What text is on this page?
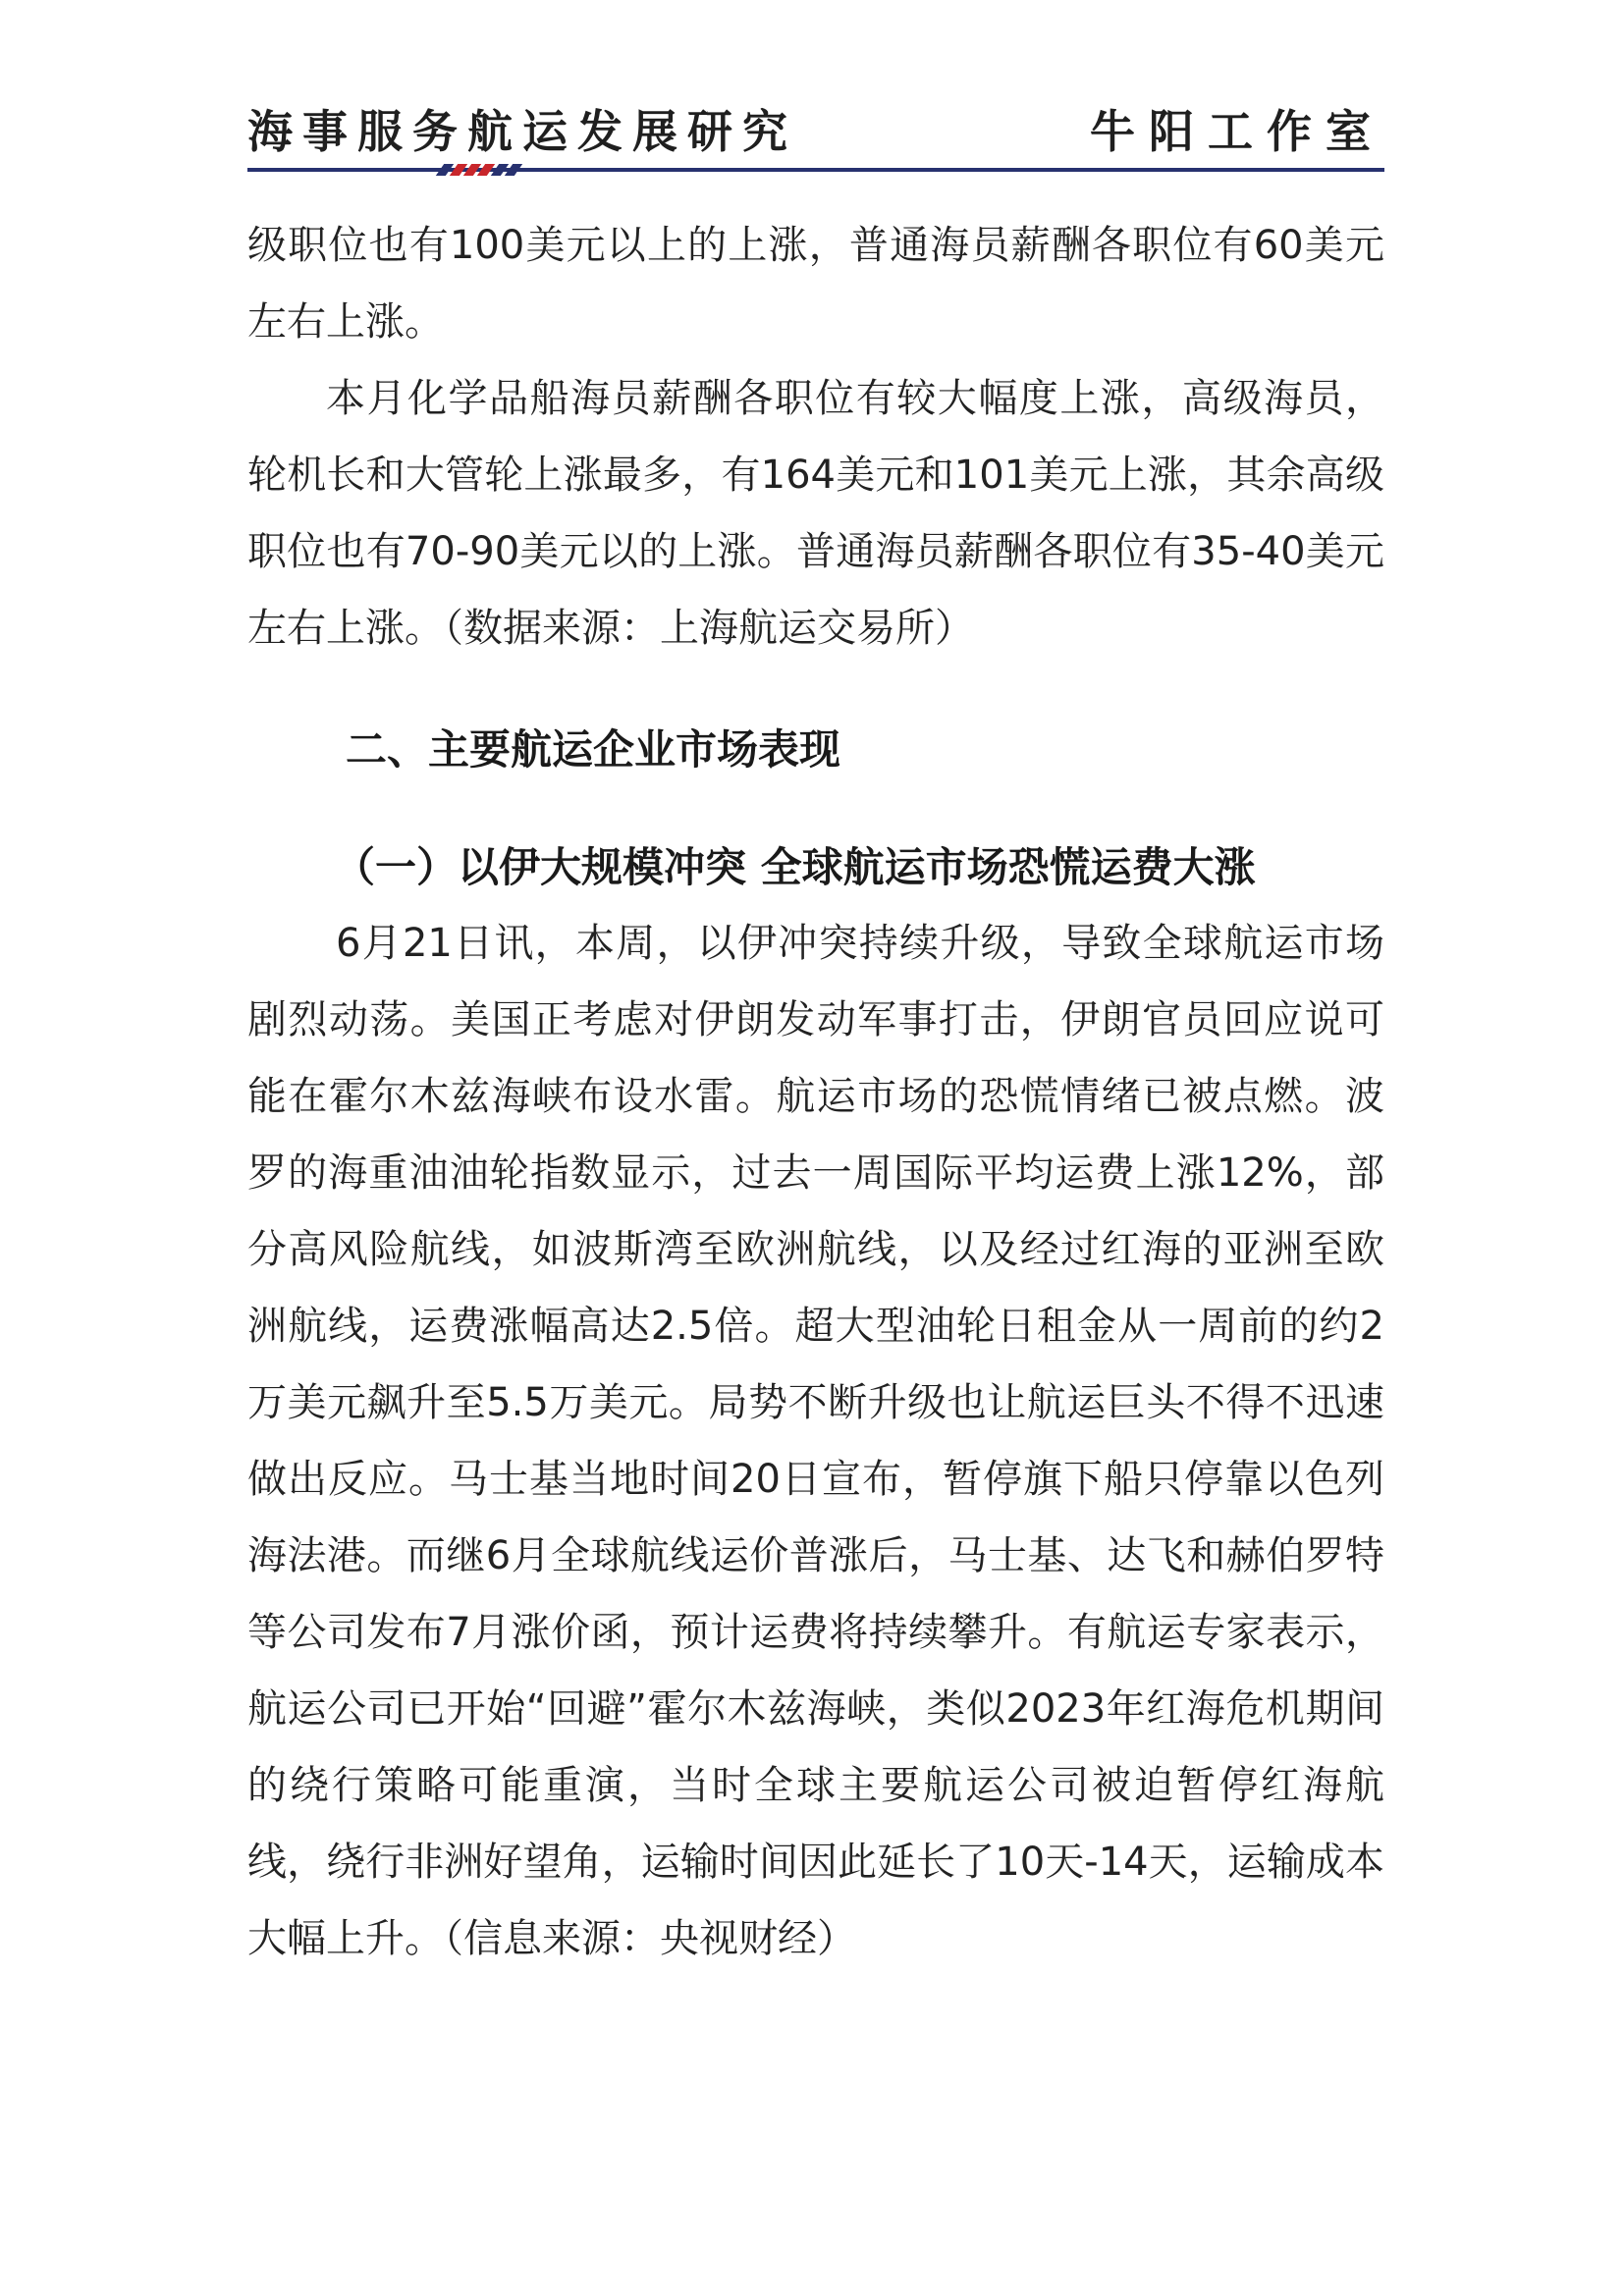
海事服务航运发展研究	牛阳工作室
级职位也有100美元以上的上涨，普通海员薪酬各职位有60美元左右上涨。
本月化学品船海员薪酬各职位有较大幅度上涨，高级海员，轮机长和大管轮上涨最多，有164美元和101美元上涨，其余高级职位也有70-90美元以的上涨。普通海员薪酬各职位有35-40美元左右上涨。（数据来源：上海航运交易所）
二、主要航运企业市场表现
（一）以伊大规模冲突 全球航运市场恐慌运费大涨
6月21日讯，本周，以伊冲突持续升级，导致全球航运市场剧烈动荡。美国正考虑对伊朗发动军事打击，伊朗官员回应说可能在霍尔木兹海峡布设水雷。航运市场的恐慌情绪已被点燃。波罗的海重油油轮指数显示，过去一周国际平均运费上涨12%，部分高风险航线，如波斯湾至欧洲航线，以及经过红海的亚洲至欧洲航线，运费涨幅高达2.5倍。超大型油轮日租金从一周前的约2万美元飙升至5.5万美元。局势不断升级也让航运巨头不得不迅速做出反应。马士基当地时间20日宣布，暂停旗下船只停靠以色列海法港。而继6月全球航线运价普涨后，马士基、达飞和赫伯罗特等公司发布7月涨价函，预计运费将持续攀升。有航运专家表示，航运公司已开始“回避”霍尔木兹海峡，类似2023年红海危机期间的绕行策略可能重演，当时全球主要航运公司被迫暂停红海航线，绕行非洲好望角，运输时间因此延长了10天-14天，运输成本大幅上升。（信息来源：央视财经）
